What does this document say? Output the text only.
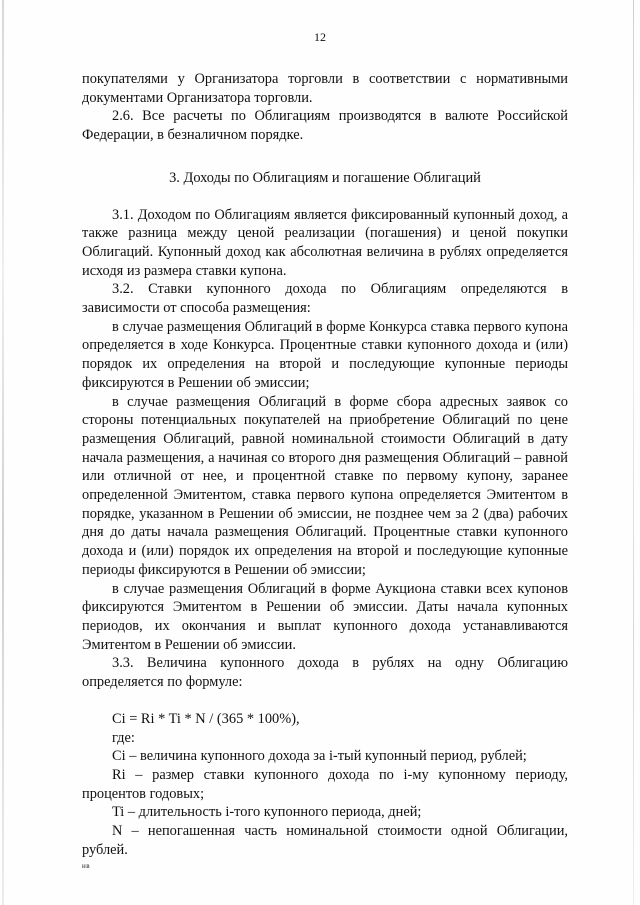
12

покупателями у Организатора торговли в соответствии с нормативными документами Организатора торговли.

2.6. Все расчеты по Облигациям производятся в валюте Российской Федерации, в безналичном порядке.

3. Доходы по Облигациям и погашение Облигаций

3.1. Доходом по Облигациям является фиксированный купонный доход, а также разница между ценой реализации (погашения) и ценой покупки Облигаций. Купонный доход как абсолютная величина в рублях определяется исходя из размера ставки купона.

3.2. Ставки купонного дохода по Облигациям определяются в зависимости от способа размещения:

в случае размещения Облигаций в форме Конкурса ставка первого купона определяется в ходе Конкурса. Процентные ставки купонного дохода и (или) порядок их определения на второй и последующие купонные периоды фиксируются в Решении об эмиссии;

в случае размещения Облигаций в форме сбора адресных заявок со стороны потенциальных покупателей на приобретение Облигаций по цене размещения Облигаций, равной номинальной стоимости Облигаций в дату начала размещения, а начиная со второго дня размещения Облигаций – равной или отличной от нее, и процентной ставке по первому купону, заранее определенной Эмитентом, ставка первого купона определяется Эмитентом в порядке, указанном в Решении об эмиссии, не позднее чем за 2 (два) рабочих дня до даты начала размещения Облигаций. Процентные ставки купонного дохода и (или) порядок их определения на второй и последующие купонные периоды фиксируются в Решении об эмиссии;

в случае размещения Облигаций в форме Аукциона ставки всех купонов фиксируются Эмитентом в Решении об эмиссии. Даты начала купонных периодов, их окончания и выплат купонного дохода устанавливаются Эмитентом в Решении об эмиссии.

3.3. Величина купонного дохода в рублях на одну Облигацию определяется по формуле:

Ci = Ri * Ti * N / (365 * 100%),

где:

Ci – величина купонного дохода за i-тый купонный период, рублей;

Ri – размер ставки купонного дохода по i-му купонному периоду, процентов годовых;

Ti – длительность i-того купонного периода, дней;

N – непогашенная часть номинальной стоимости одной Облигации, рублей.

нв
